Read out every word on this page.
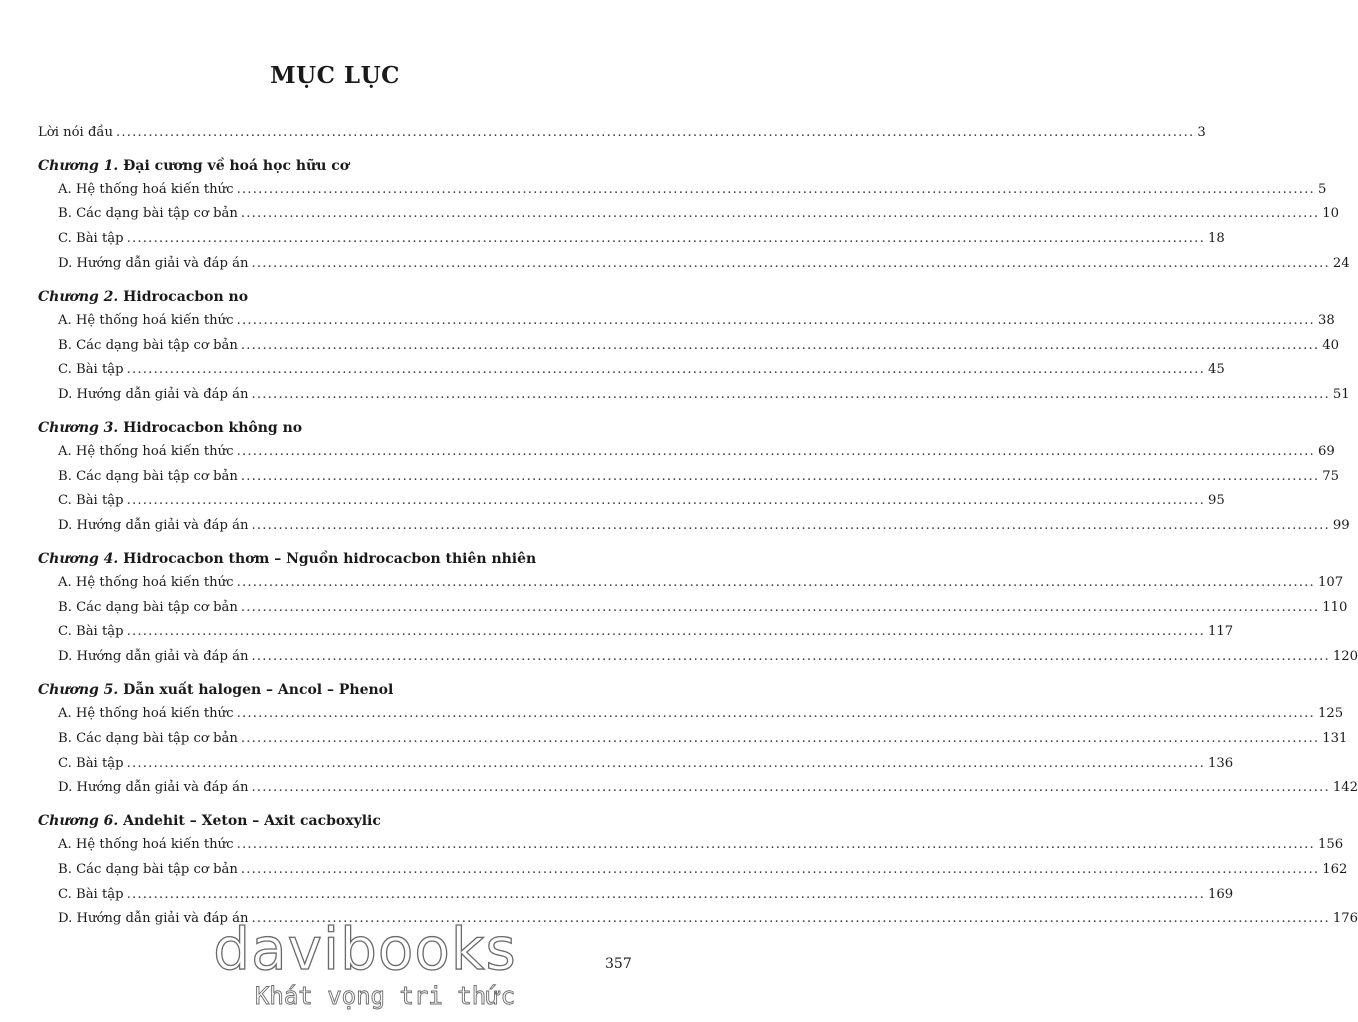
MỤC LỤC
Lời nói đầu ........................................................................................................................................................................................................ 3
Chương 1. Đại cương về hoá học hữu cơ
A. Hệ thống hoá kiến thức ........................................................................................................................................................................................................ 5
B. Các dạng bài tập cơ bản ........................................................................................................................................................................................................ 10
C. Bài tập ........................................................................................................................................................................................................ 18
D. Hướng dẫn giải và đáp án ........................................................................................................................................................................................................ 24
Chương 2. Hidrocacbon no
A. Hệ thống hoá kiến thức ........................................................................................................................................................................................................ 38
B. Các dạng bài tập cơ bản ........................................................................................................................................................................................................ 40
C. Bài tập ........................................................................................................................................................................................................ 45
D. Hướng dẫn giải và đáp án ........................................................................................................................................................................................................ 51
Chương 3. Hidrocacbon không no
A. Hệ thống hoá kiến thức ........................................................................................................................................................................................................ 69
B. Các dạng bài tập cơ bản ........................................................................................................................................................................................................ 75
C. Bài tập ........................................................................................................................................................................................................ 95
D. Hướng dẫn giải và đáp án ........................................................................................................................................................................................................ 99
Chương 4. Hidrocacbon thơm – Nguồn hidrocacbon thiên nhiên
A. Hệ thống hoá kiến thức ........................................................................................................................................................................................................ 107
B. Các dạng bài tập cơ bản ........................................................................................................................................................................................................ 110
C. Bài tập ........................................................................................................................................................................................................ 117
D. Hướng dẫn giải và đáp án ........................................................................................................................................................................................................ 120
Chương 5. Dẫn xuất halogen – Ancol – Phenol
A. Hệ thống hoá kiến thức ........................................................................................................................................................................................................ 125
B. Các dạng bài tập cơ bản ........................................................................................................................................................................................................ 131
C. Bài tập ........................................................................................................................................................................................................ 136
D. Hướng dẫn giải và đáp án ........................................................................................................................................................................................................ 142
Chương 6. Andehit – Xeton – Axit cacboxylic
A. Hệ thống hoá kiến thức ........................................................................................................................................................................................................ 156
B. Các dạng bài tập cơ bản ........................................................................................................................................................................................................ 162
C. Bài tập ........................................................................................................................................................................................................ 169
D. Hướng dẫn giải và đáp án ........................................................................................................................................................................................................ 176
davibooks
Khát vọng tri thức
357
